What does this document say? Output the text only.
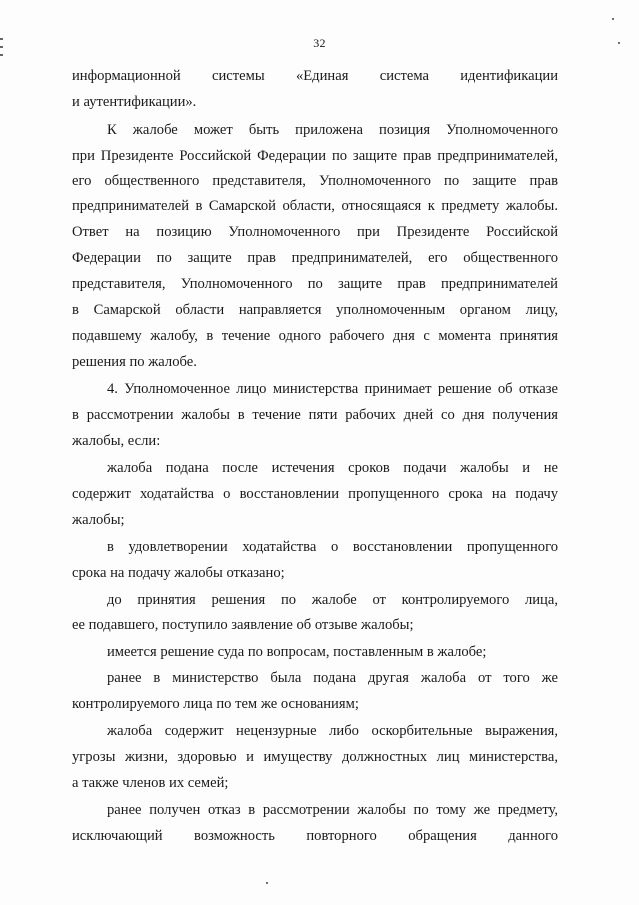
32
информационной системы «Единая система идентификации
и аутентификации».
К жалобе может быть приложена позиция Уполномоченного
при Президенте Российской Федерации по защите прав предпринимателей,
его общественного представителя, Уполномоченного по защите прав
предпринимателей в Самарской области, относящаяся к предмету жалобы.
Ответ на позицию Уполномоченного при Президенте Российской
Федерации по защите прав предпринимателей, его общественного
представителя, Уполномоченного по защите прав предпринимателей
в Самарской области направляется уполномоченным органом лицу,
подавшему жалобу, в течение одного рабочего дня с момента принятия
решения по жалобе.
4. Уполномоченное лицо министерства принимает решение об отказе
в рассмотрении жалобы в течение пяти рабочих дней со дня получения
жалобы, если:
жалоба подана после истечения сроков подачи жалобы и не
содержит ходатайства о восстановлении пропущенного срока на подачу
жалобы;
в удовлетворении ходатайства о восстановлении пропущенного
срока на подачу жалобы отказано;
до принятия решения по жалобе от контролируемого лица,
ее подавшего, поступило заявление об отзыве жалобы;
имеется решение суда по вопросам, поставленным в жалобе;
ранее в министерство была подана другая жалоба от того же
контролируемого лица по тем же основаниям;
жалоба содержит нецензурные либо оскорбительные выражения,
угрозы жизни, здоровью и имуществу должностных лиц министерства,
а также членов их семей;
ранее получен отказ в рассмотрении жалобы по тому же предмету,
исключающий возможность повторного обращения данного
